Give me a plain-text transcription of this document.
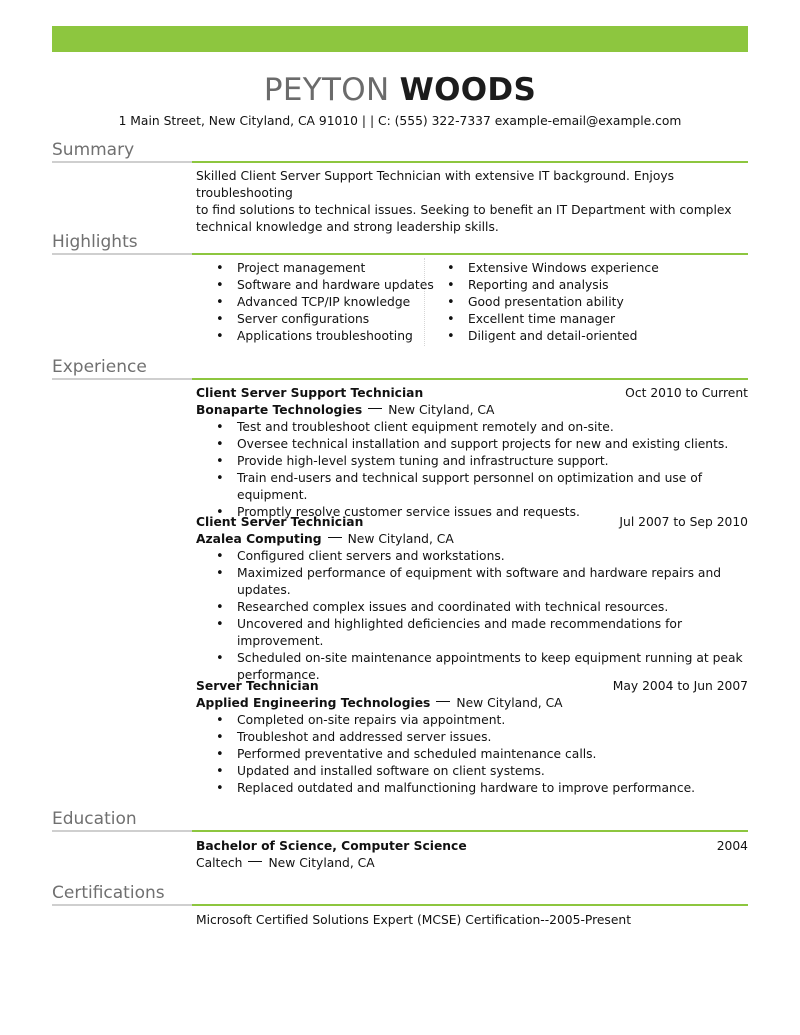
PEYTON WOODS
1 Main Street, New Cityland, CA 91010 | | C: (555) 322-7337 example-email@example.com
Summary
Skilled Client Server Support Technician with extensive IT background. Enjoys troubleshooting
to find solutions to technical issues. Seeking to benefit an IT Department with complex
technical knowledge and strong leadership skills.
Highlights
• Project management
• Software and hardware updates
• Advanced TCP/IP knowledge
• Server configurations
• Applications troubleshooting
• Extensive Windows experience
• Reporting and analysis
• Good presentation ability
• Excellent time manager
• Diligent and detail-oriented
Experience
Client Server Support Technician	Oct 2010 to Current
Bonaparte Technologies New Cityland, CA
• Test and troubleshoot client equipment remotely and on-site.
• Oversee technical installation and support projects for new and existing clients.
• Provide high-level system tuning and infrastructure support.
• Train end-users and technical support personnel on optimization and use of equipment.
• Promptly resolve customer service issues and requests.
Client Server Technician	Jul 2007 to Sep 2010
Azalea Computing New Cityland, CA
• Configured client servers and workstations.
• Maximized performance of equipment with software and hardware repairs and updates.
• Researched complex issues and coordinated with technical resources.
• Uncovered and highlighted deficiencies and made recommendations for improvement.
• Scheduled on-site maintenance appointments to keep equipment running at peak performance.
Server Technician	May 2004 to Jun 2007
Applied Engineering Technologies New Cityland, CA
• Completed on-site repairs via appointment.
• Troubleshot and addressed server issues.
• Performed preventative and scheduled maintenance calls.
• Updated and installed software on client systems.
• Replaced outdated and malfunctioning hardware to improve performance.
Education
Bachelor of Science, Computer Science	2004
Caltech New Cityland, CA
Certifications
Microsoft Certified Solutions Expert (MCSE) Certification--2005-Present
